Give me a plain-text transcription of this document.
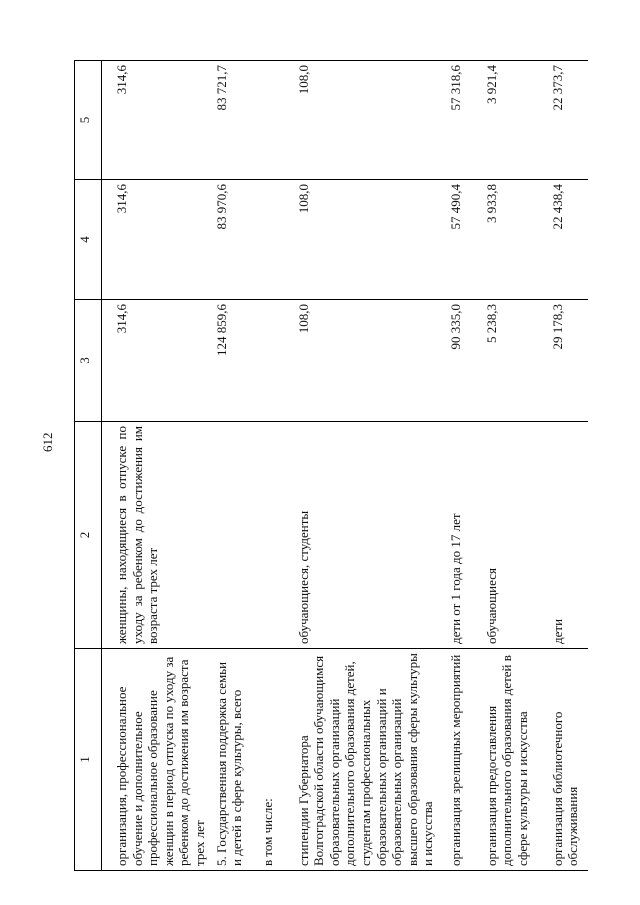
612
1	2	3	4	5

организация, профессиональное обучение и дополнительное профессиональное образование женщин в период отпуска по уходу за ребенком до достижения им возраста трех лет	женщины, находящиеся в отпуске по уходу за ребенком до достижения им возраста трех лет	314,6	314,6	314,6
5. Государственная поддержка семьи и детей в сфере культуры, всего		124 859,6	83 970,6	83 721,7
в том числе:				
стипендии Губернатора Волгоградской области обучающимся образовательных организаций дополнительного образования детей, студентам профессиональных образовательных организаций и образовательных организаций высшего образования сферы культуры и искусства	обучающиеся, студенты	108,0	108,0	108,0
организация зрелищных мероприятий	дети от 1 года до 17 лет	90 335,0	57 490,4	57 318,6
организация предоставления дополнительного образования детей в сфере культуры и искусства	обучающиеся	5 238,3	3 933,8	3 921,4
организация библиотечного обслуживания	дети	29 178,3	22 438,4	22 373,7
